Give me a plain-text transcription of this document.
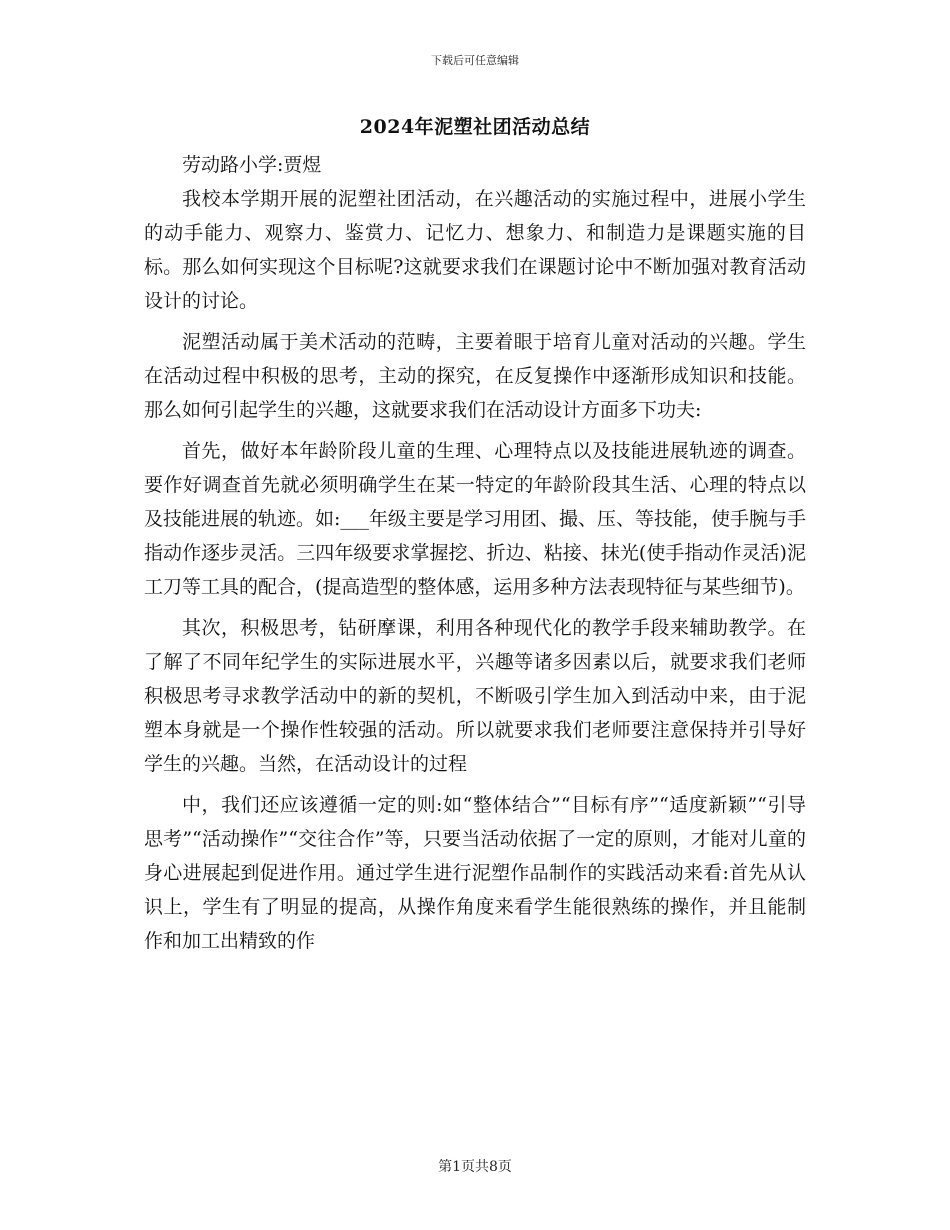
下载后可任意编辑
2024年泥塑社团活动总结

劳动路小学:贾煜

我校本学期开展的泥塑社团活动，在兴趣活动的实施过程中，进展小学生的动手能力、观察力、鉴赏力、记忆力、想象力、和制造力是课题实施的目标。那么如何实现这个目标呢?这就要求我们在课题讨论中不断加强对教育活动设计的讨论。

泥塑活动属于美术活动的范畴，主要着眼于培育儿童对活动的兴趣。学生在活动过程中积极的思考，主动的探究，在反复操作中逐渐形成知识和技能。那么如何引起学生的兴趣，这就要求我们在活动设计方面多下功夫:

首先，做好本年龄阶段儿童的生理、心理特点以及技能进展轨迹的调查。要作好调查首先就必须明确学生在某一特定的年龄阶段其生活、心理的特点以及技能进展的轨迹。如:___年级主要是学习用团、撮、压、等技能，使手腕与手指动作逐步灵活。三四年级要求掌握挖、折边、粘接、抹光(使手指动作灵活)泥工刀等工具的配合，(提高造型的整体感，运用多种方法表现特征与某些细节)。

其次，积极思考，钻研摩课，利用各种现代化的教学手段来辅助教学。在了解了不同年纪学生的实际进展水平，兴趣等诸多因素以后，就要求我们老师积极思考寻求教学活动中的新的契机，不断吸引学生加入到活动中来，由于泥塑本身就是一个操作性较强的活动。所以就要求我们老师要注意保持并引导好学生的兴趣。当然，在活动设计的过程

中，我们还应该遵循一定的则:如“整体结合”“目标有序”“适度新颖”“引导思考”“活动操作”“交往合作”等，只要当活动依据了一定的原则，才能对儿童的身心进展起到促进作用。通过学生进行泥塑作品制作的实践活动来看:首先从认识上，学生有了明显的提高，从操作角度来看学生能很熟练的操作，并且能制作和加工出精致的作

第1页共8页
